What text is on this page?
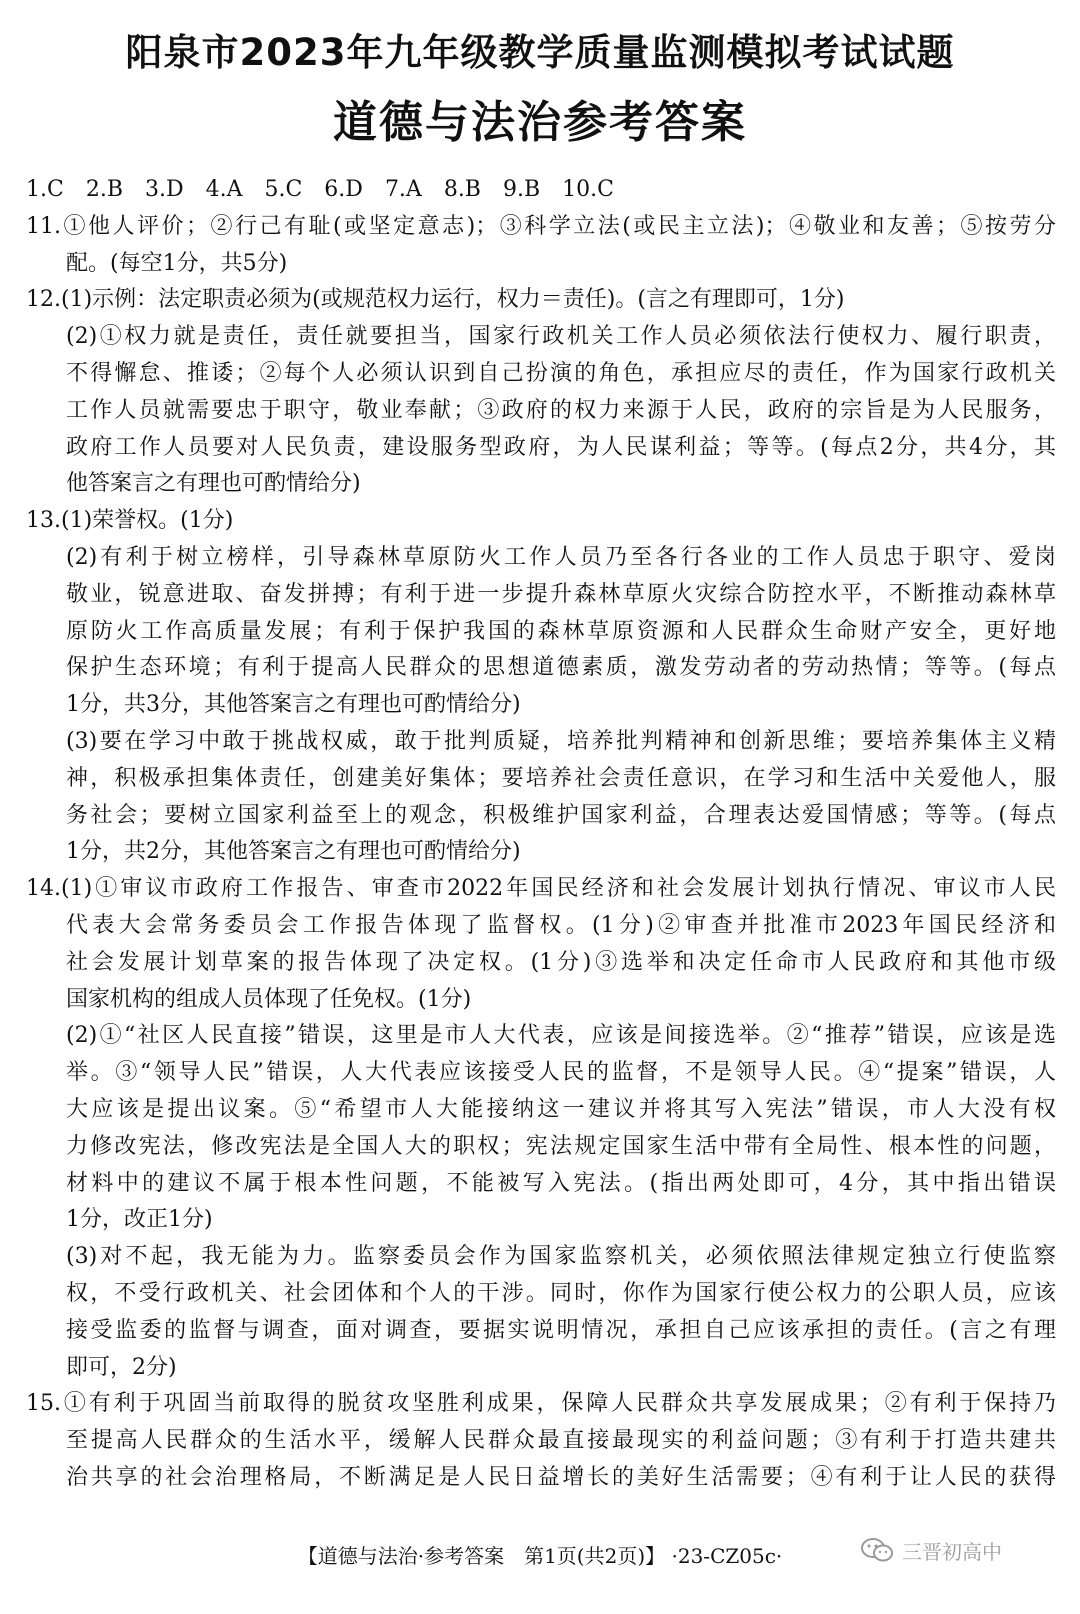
阳泉市2023年九年级教学质量监测模拟考试试题
道德与法治参考答案
1.C　2.B　3.D　4.A　5.C　6.D　7.A　8.B　9.B　10.C
11.①他人评价；②行己有耻(或坚定意志)；③科学立法(或民主立法)；④敬业和友善；⑤按劳分
配。(每空1分，共5分)
12.(1)示例：法定职责必须为(或规范权力运行，权力＝责任)。(言之有理即可，1分)
(2)①权力就是责任，责任就要担当，国家行政机关工作人员必须依法行使权力、履行职责，
不得懈怠、推诿；②每个人必须认识到自己扮演的角色，承担应尽的责任，作为国家行政机关
工作人员就需要忠于职守，敬业奉献；③政府的权力来源于人民，政府的宗旨是为人民服务，
政府工作人员要对人民负责，建设服务型政府，为人民谋利益；等等。(每点2分，共4分，其
他答案言之有理也可酌情给分)
13.(1)荣誉权。(1分)
(2)有利于树立榜样，引导森林草原防火工作人员乃至各行各业的工作人员忠于职守、爱岗
敬业，锐意进取、奋发拼搏；有利于进一步提升森林草原火灾综合防控水平，不断推动森林草
原防火工作高质量发展；有利于保护我国的森林草原资源和人民群众生命财产安全，更好地
保护生态环境；有利于提高人民群众的思想道德素质，激发劳动者的劳动热情；等等。(每点
1分，共3分，其他答案言之有理也可酌情给分)
(3)要在学习中敢于挑战权威，敢于批判质疑，培养批判精神和创新思维；要培养集体主义精
神，积极承担集体责任，创建美好集体；要培养社会责任意识，在学习和生活中关爱他人，服
务社会；要树立国家利益至上的观念，积极维护国家利益，合理表达爱国情感；等等。(每点
1分，共2分，其他答案言之有理也可酌情给分)
14.(1)①审议市政府工作报告、审查市2022年国民经济和社会发展计划执行情况、审议市人民
代表大会常务委员会工作报告体现了监督权。(1分)②审查并批准市2023年国民经济和
社会发展计划草案的报告体现了决定权。(1分)③选举和决定任命市人民政府和其他市级
国家机构的组成人员体现了任免权。(1分)
(2)①“社区人民直接”错误，这里是市人大代表，应该是间接选举。②“推荐”错误，应该是选
举。③“领导人民”错误，人大代表应该接受人民的监督，不是领导人民。④“提案”错误，人
大应该是提出议案。⑤“希望市人大能接纳这一建议并将其写入宪法”错误，市人大没有权
力修改宪法，修改宪法是全国人大的职权；宪法规定国家生活中带有全局性、根本性的问题，
材料中的建议不属于根本性问题，不能被写入宪法。(指出两处即可，4分，其中指出错误
1分，改正1分)
(3)对不起，我无能为力。监察委员会作为国家监察机关，必须依照法律规定独立行使监察
权，不受行政机关、社会团体和个人的干涉。同时，你作为国家行使公权力的公职人员，应该
接受监委的监督与调查，面对调查，要据实说明情况，承担自己应该承担的责任。(言之有理
即可，2分)
15.①有利于巩固当前取得的脱贫攻坚胜利成果，保障人民群众共享发展成果；②有利于保持乃
至提高人民群众的生活水平，缓解人民群众最直接最现实的利益问题；③有利于打造共建共
治共享的社会治理格局，不断满足是人民日益增长的美好生活需要；④有利于让人民的获得
【道德与法治·参考答案　第1页(共2页)】 ·23-CZ05c·	三晋初高中
